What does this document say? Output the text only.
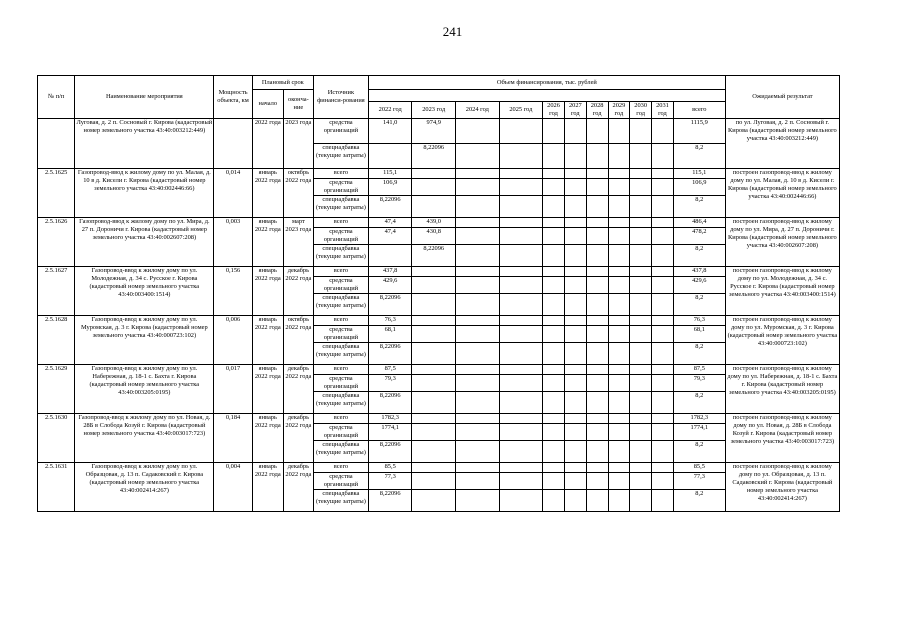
241
№ п/п	Наименование мероприятия	Мощность объекта, км	Плановый срок		Источник финанси-рования	Объем финансирования, тыс. рублей											Ожидаемый результат
			начало	оконча-ние													
						2022 год	2023 год	2024 год	2025 год	2026 год	2027 год	2028 год	2029 год	2030 год	2031 год	всего	
	Луговая, д. 2 п. Сосновый г. Кирова (кадастровый номер земельного участка 43:40:003212:449)		2022 года	2023 года	средства организаций	141,0	974,9									1115,9	по ул. Луговая, д. 2 п. Сосновый г. Кирова (кадастровый номер земельного участка 43:40:003212:449)
					спецнадбавка (текущие затраты)		8,22096									8,2	
2.5.1625	Газопровод-ввод к жилому дому по ул. Малая, д. 10 в д. Кисели г. Кирова (кадастровый номер земельного участка 43:40:002446:66)	0,014	январь 2022 года	октябрь 2022 года	всего	115,1										115,1	построен газопровод-ввод к жилому дому по ул. Малая, д. 10 в д. Кисели г. Кирова (кадастровый номер земельного участка 43:40:002446:66)
					средства организаций	106,9										106,9	
					спецнадбавка (текущие затраты)	8,22096										8,2	
2.5.1626	Газопровод-ввод к жилому дому по ул. Мира, д. 27 п. Дороничи г. Кирова (кадастровый номер земельного участка 43:40:002607:208)	0,003	январь 2022 года	март 2023 года	всего	47,4	439,0									486,4	построен газопровод-ввод к жилому дому по ул. Мира, д. 27 п. Дороничи г. Кирова (кадастровый номер земельного участка 43:40:002607:208)
					средства организаций	47,4	430,8									478,2	
					спецнадбавка (текущие затраты)		8,22096									8,2	
2.5.1627	Газопровод-ввод к жилому дому по ул. Молодежная, д. 34 с. Русское г. Кирова (кадастровый номер земельного участка 43:40:003400:1514)	0,156	январь 2022 года	декабрь 2022 года	всего	437,8										437,8	построен газопровод-ввод к жилому дому по ул. Молодежная, д. 34 с. Русское г. Кирова (кадастровый номер земельного участка 43:40:003400:1514)
					средства организаций	429,6										429,6	
					спецнадбавка (текущие затраты)	8,22096										8,2	
2.5.1628	Газопровод-ввод к жилому дому по ул. Муромская, д. 3 г. Кирова (кадастровый номер земельного участка 43:40:000723:102)	0,006	январь 2022 года	октябрь 2022 года	всего	76,3										76,3	построен газопровод-ввод к жилому дому по ул. Муромская, д. 3 г. Кирова (кадастровый номер земельного участка 43:40:000723:102)
					средства организаций	68,1										68,1	
					спецнадбавка (текущие затраты)	8,22096										8,2	
2.5.1629	Газопровод-ввод к жилому дому по ул. Набережная, д. 18-1 с. Бахта г. Кирова (кадастровый номер земельного участка 43:40:003205:0195)	0,017	январь 2022 года	декабрь 2022 года	всего	87,5										87,5	построен газопровод-ввод к жилому дому по ул. Набережная, д. 18-1 с. Бахта г. Кирова (кадастровый номер земельного участка 43:40:003205:0195)
					средства организаций	79,3										79,3	
					спецнадбавка (текущие затраты)	8,22096										8,2	
2.5.1630	Газопровод-ввод к жилому дому по ул. Новая, д. 28Б в Слобода Козуй г. Кирова (кадастровый номер земельного участка 43:40:003017:723)	0,184	январь 2022 года	декабрь 2022 года	всего	1782,3										1782,3	построен газопровод-ввод к жилому дому по ул. Новая, д. 28Б в Слобода Козуй г. Кирова (кадастровый номер земельного участка 43:40:003017:723)
					средства организаций	1774,1										1774,1	
					спецнадбавка (текущие затраты)	8,22096										8,2	
2.5.1631	Газопровод-ввод к жилому дому по ул. Образцовая, д. 13 п. Садаковский г. Кирова (кадастровый номер земельного участка 43:40:002414:267)	0,004	январь 2022 года	декабрь 2022 года	всего	85,5										85,5	построен газопровод-ввод к жилому дому по ул. Образцовая, д. 13 п. Садаковский г. Кирова (кадастровый номер земельного участка 43:40:002414:267)
					средства организаций	77,3										77,3	
					спецнадбавка (текущие затраты)	8,22096										8,2	
